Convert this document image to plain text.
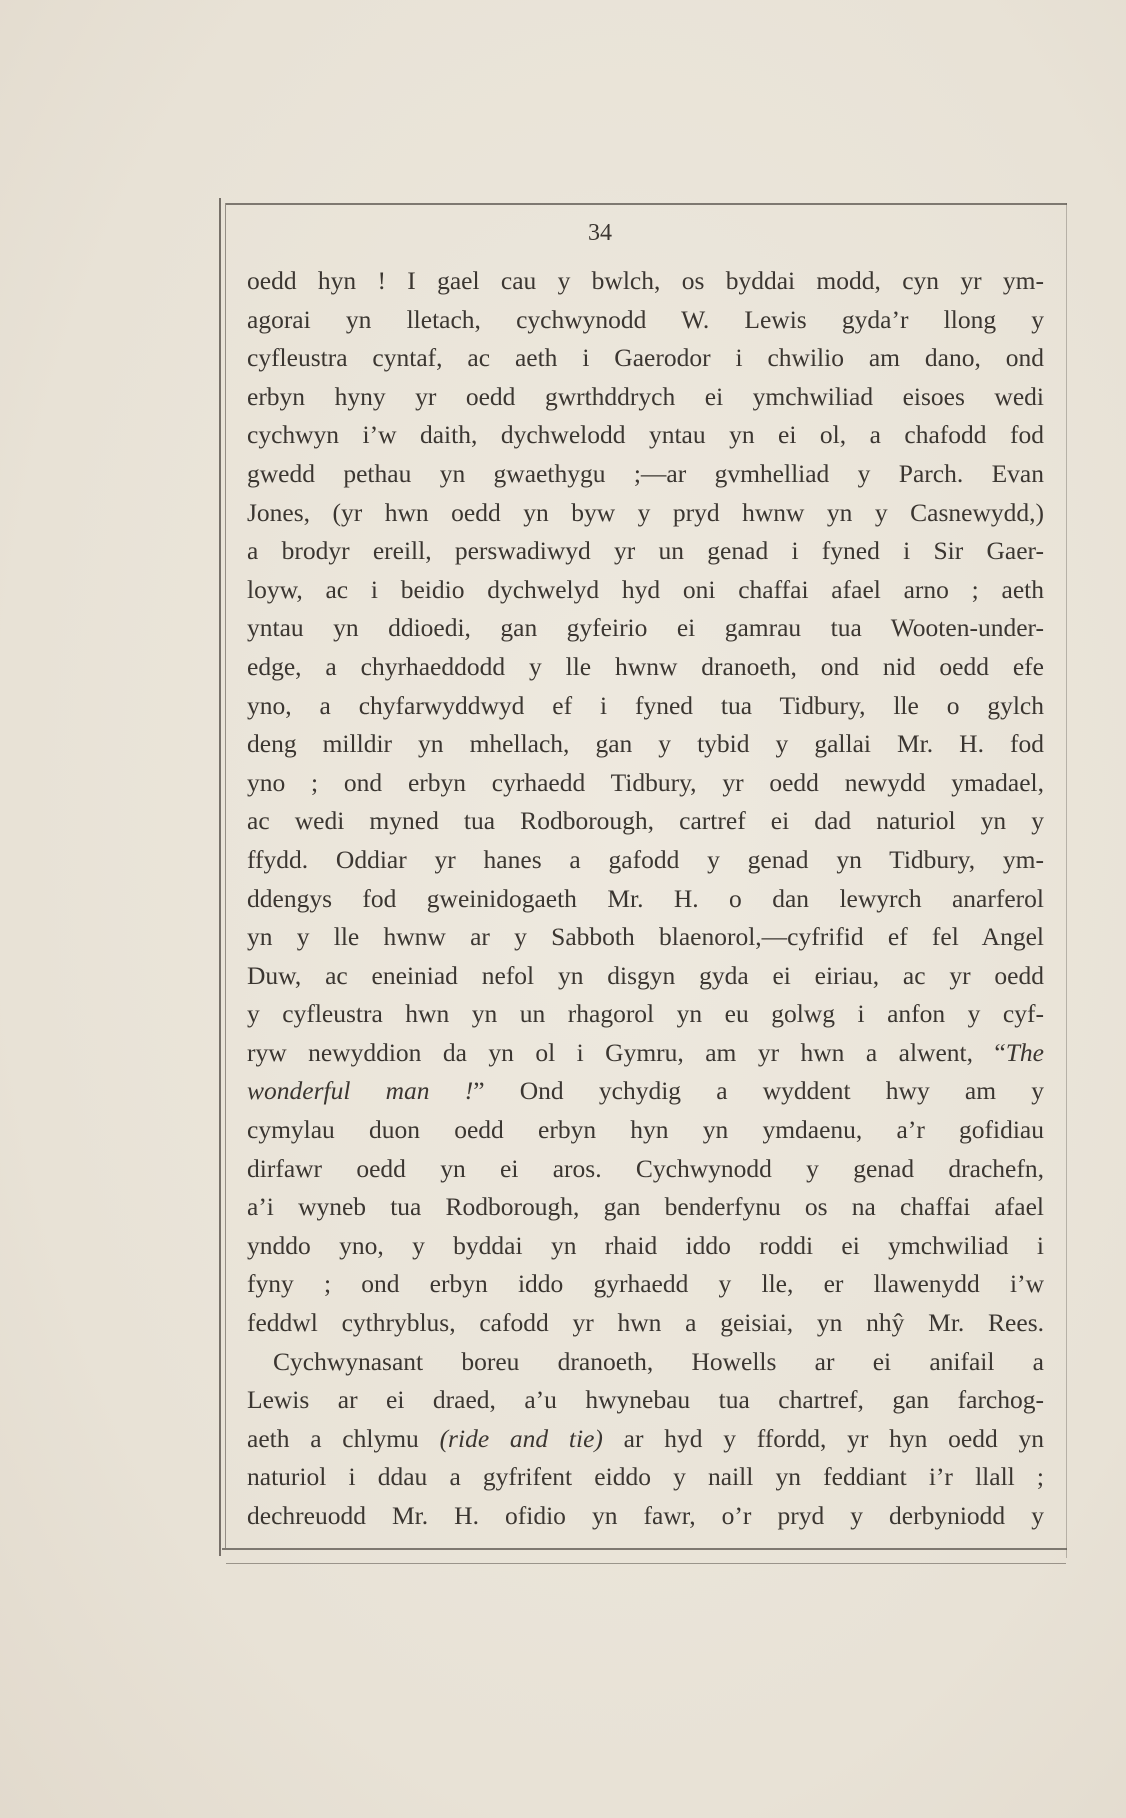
34
oedd hyn ! I gael cau y bwlch, os byddai modd, cyn yr ym-
agorai yn lletach, cychwynodd W. Lewis gyda’r llong y
cyfleustra cyntaf, ac aeth i Gaerodor i chwilio am dano, ond
erbyn hyny yr oedd gwrthddrych ei ymchwiliad eisoes wedi
cychwyn i’w daith, dychwelodd yntau yn ei ol, a chafodd fod
gwedd pethau yn gwaethygu ;—ar gvmhelliad y Parch. Evan
Jones, (yr hwn oedd yn byw y pryd hwnw yn y Casnewydd,)
a brodyr ereill, perswadiwyd yr un genad i fyned i Sir Gaer-
loyw, ac i beidio dychwelyd hyd oni chaffai afael arno ; aeth
yntau yn ddioedi, gan gyfeirio ei gamrau tua Wooten-under-
edge, a chyrhaeddodd y lle hwnw dranoeth, ond nid oedd efe
yno, a chyfarwyddwyd ef i fyned tua Tidbury, lle o gylch
deng milldir yn mhellach, gan y tybid y gallai Mr. H. fod
yno ; ond erbyn cyrhaedd Tidbury, yr oedd newydd ymadael,
ac wedi myned tua Rodborough, cartref ei dad naturiol yn y
ffydd. Oddiar yr hanes a gafodd y genad yn Tidbury, ym-
ddengys fod gweinidogaeth Mr. H. o dan lewyrch anarferol
yn y lle hwnw ar y Sabboth blaenorol,—cyfrifid ef fel Angel
Duw, ac eneiniad nefol yn disgyn gyda ei eiriau, ac yr oedd
y cyfleustra hwn yn un rhagorol yn eu golwg i anfon y cyf-
ryw newyddion da yn ol i Gymru, am yr hwn a alwent, “The
wonderful man !” Ond ychydig a wyddent hwy am y
cymylau duon oedd erbyn hyn yn ymdaenu, a’r gofidiau
dirfawr oedd yn ei aros. Cychwynodd y genad drachefn,
a’i wyneb tua Rodborough, gan benderfynu os na chaffai afael
ynddo yno, y byddai yn rhaid iddo roddi ei ymchwiliad i
fyny ; ond erbyn iddo gyrhaedd y lle, er llawenydd i’w
feddwl cythryblus, cafodd yr hwn a geisiai, yn nhŷ Mr. Rees.
Cychwynasant boreu dranoeth, Howells ar ei anifail a
Lewis ar ei draed, a’u hwynebau tua chartref, gan farchog-
aeth a chlymu (ride and tie) ar hyd y ffordd, yr hyn oedd yn
naturiol i ddau a gyfrifent eiddo y naill yn feddiant i’r llall ;
dechreuodd Mr. H. ofidio yn fawr, o’r pryd y derbyniodd y
